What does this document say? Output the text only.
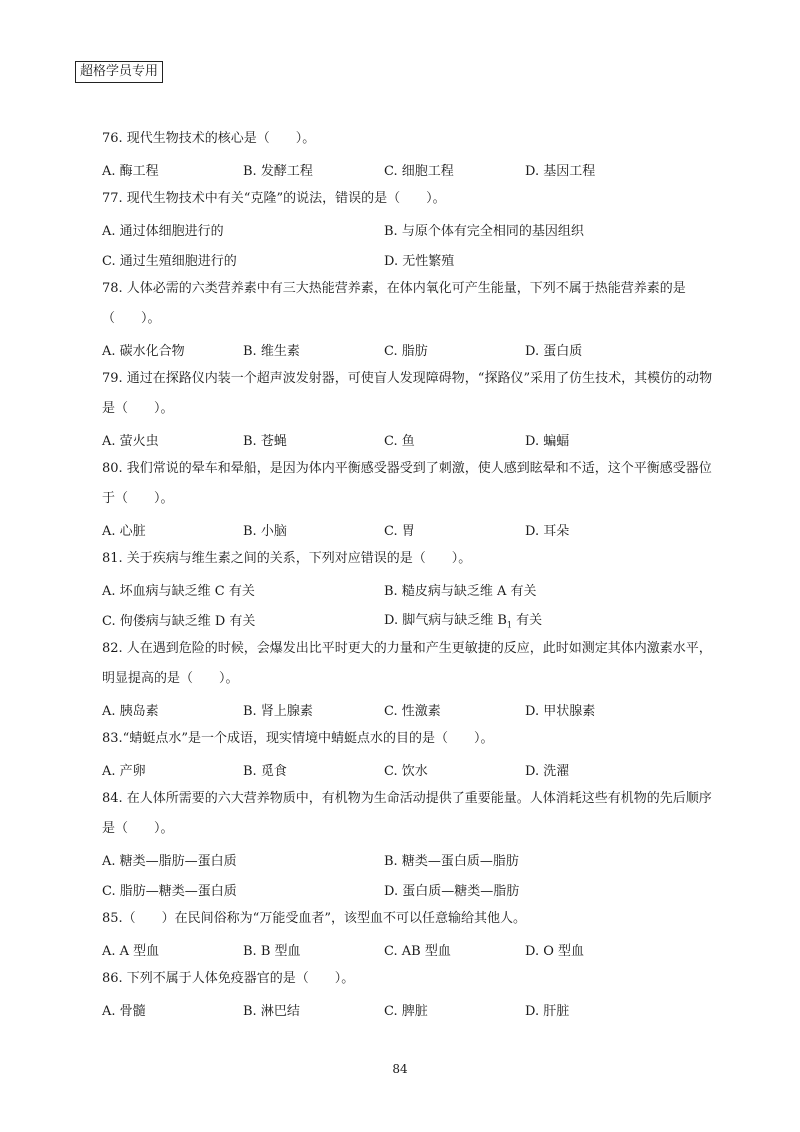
超格学员专用

76. 现代生物技术的核心是（　　）。

A. 酶工程	B. 发酵工程	C. 细胞工程	D. 基因工程

77. 现代生物技术中有关“克隆”的说法，错误的是（　　）。

A. 通过体细胞进行的	B. 与原个体有完全相同的基因组织
C. 通过生殖细胞进行的	D. 无性繁殖

78. 人体必需的六类营养素中有三大热能营养素，在体内氧化可产生能量，下列不属于热能营养素的是（　　）。

A. 碳水化合物	B. 维生素	C. 脂肪	D. 蛋白质

79. 通过在探路仪内装一个超声波发射器，可使盲人发现障碍物，“探路仪”采用了仿生技术，其模仿的动物是（　　）。

A. 萤火虫	B. 苍蝇	C. 鱼	D. 蝙蝠

80. 我们常说的晕车和晕船，是因为体内平衡感受器受到了刺激，使人感到眩晕和不适，这个平衡感受器位于（　　）。

A. 心脏	B. 小脑	C. 胃	D. 耳朵

81. 关于疾病与维生素之间的关系，下列对应错误的是（　　）。

A. 坏血病与缺乏维 C 有关	B. 糙皮病与缺乏维 A 有关
C. 佝偻病与缺乏维 D 有关	D. 脚气病与缺乏维 $B_1$ 有关

82. 人在遇到危险的时候，会爆发出比平时更大的力量和产生更敏捷的反应，此时如测定其体内激素水平，明显提高的是（　　）。

A. 胰岛素	B. 肾上腺素	C. 性激素	D. 甲状腺素

83.“蜻蜓点水”是一个成语，现实情境中蜻蜓点水的目的是（　　）。

A. 产卵	B. 觅食	C. 饮水	D. 洗濯

84. 在人体所需要的六大营养物质中，有机物为生命活动提供了重要能量。人体消耗这些有机物的先后顺序是（　　）。

A. 糖类—脂肪—蛋白质	B. 糖类—蛋白质—脂肪
C. 脂肪—糖类—蛋白质	D. 蛋白质—糖类—脂肪

85.（　　）在民间俗称为“万能受血者”，该型血不可以任意输给其他人。

A. A 型血	B. B 型血	C. AB 型血	D. O 型血

86. 下列不属于人体免疫器官的是（　　）。

A. 骨髓	B. 淋巴结	C. 脾脏	D. 肝脏
84
